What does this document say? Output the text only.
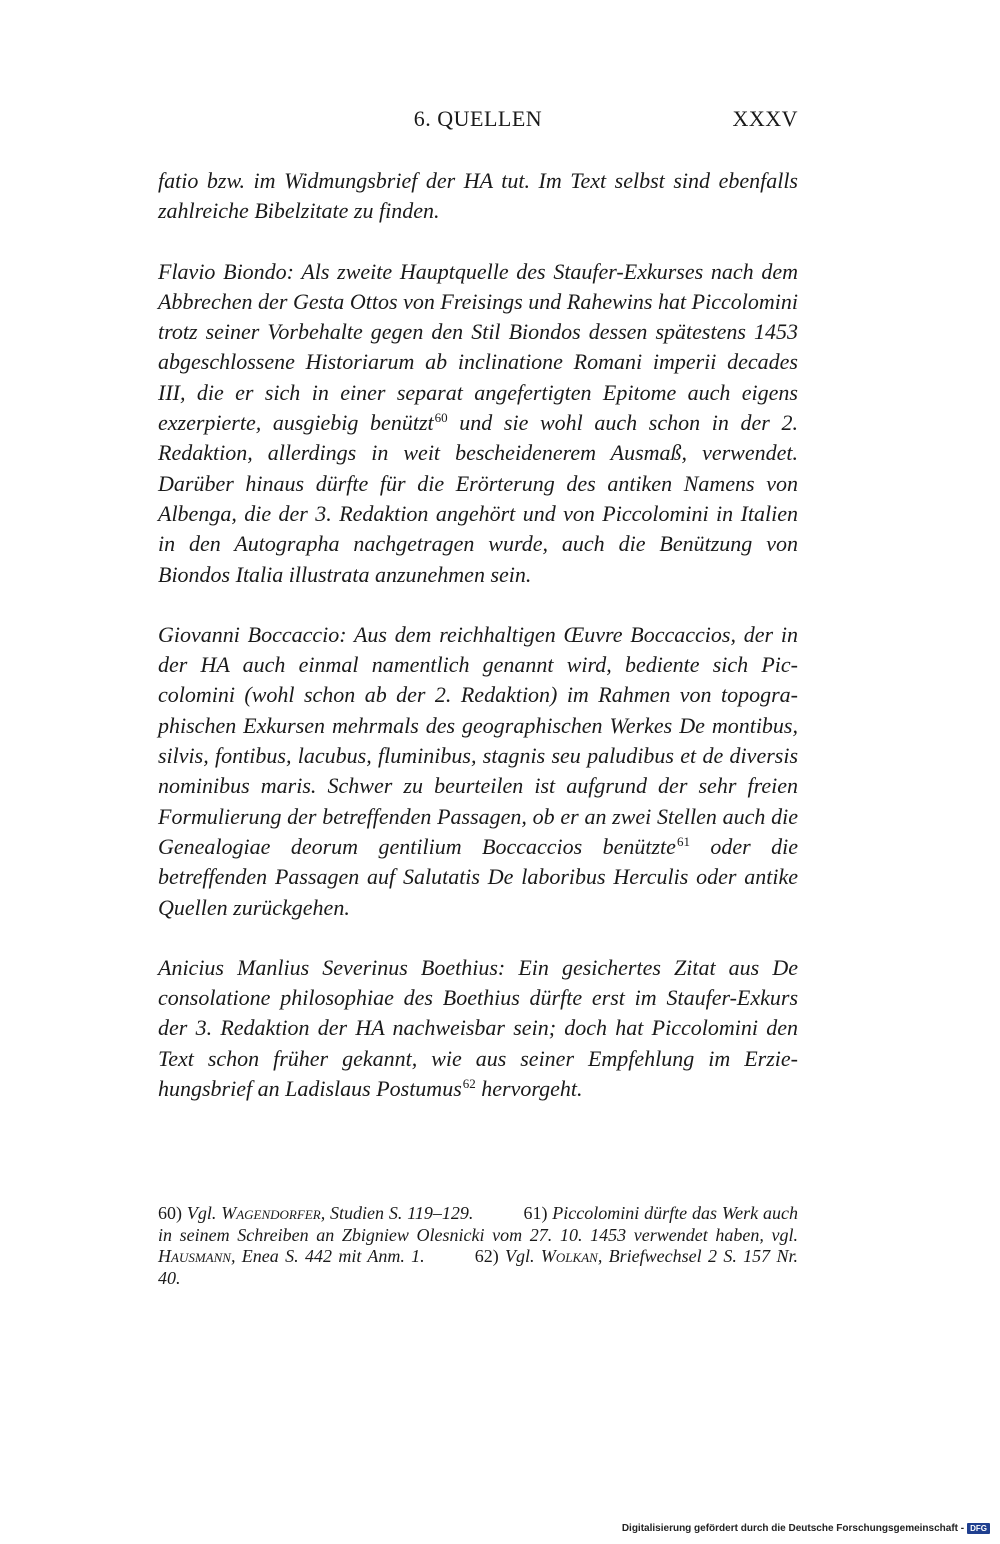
6. QUELLEN	XXXV

fatio bzw. im Widmungsbrief der HA tut. Im Text selbst sind ebenfalls zahlreiche Bibelzitate zu finden.

Flavio Biondo: Als zweite Hauptquelle des Staufer-Exkurses nach dem Abbrechen der Gesta Ottos von Freisings und Rahewins hat Piccolomini trotz seiner Vorbehalte gegen den Stil Biondos dessen spätestens 1453 abgeschlossene Historiarum ab inclinatione Romani imperii decades III, die er sich in einer separat angefertigten Epitome auch eigens exzerpierte, ausgiebig benützt$^{60}$ und sie wohl auch schon in der 2. Redaktion, allerdings in weit bescheidenerem Ausmaß, verwendet. Darüber hinaus dürfte für die Erörterung des antiken Namens von Albenga, die der 3. Redaktion angehört und von Piccolomini in Italien in den Autographa nachgetragen wurde, auch die Benützung von Biondos Italia illustrata anzunehmen sein.

Giovanni Boccaccio: Aus dem reichhaltigen Œuvre Boccaccios, der in der HA auch einmal namentlich genannt wird, bediente sich Piccolomini (wohl schon ab der 2. Redaktion) im Rahmen von topographischen Exkursen mehrmals des geographischen Werkes De montibus, silvis, fontibus, lacubus, fluminibus, stagnis seu paludibus et de diversis nominibus maris. Schwer zu beurteilen ist aufgrund der sehr freien Formulierung der betreffenden Passagen, ob er an zwei Stellen auch die Genealogiae deorum gentilium Boccaccios benützte$^{61}$ oder die betreffenden Passagen auf Salutatis De laboribus Herculis oder antike Quellen zurückgehen.

Anicius Manlius Severinus Boethius: Ein gesichertes Zitat aus De consolatione philosophiae des Boethius dürfte erst im Staufer-Exkurs der 3. Redaktion der HA nachweisbar sein; doch hat Piccolomini den Text schon früher gekannt, wie aus seiner Empfehlung im Erziehungsbrief an Ladislaus Postumus$^{62}$ hervorgeht.

60) Vgl. Wagendorfer, Studien S. 119–129.	61) Piccolomini dürfte das Werk auch in seinem Schreiben an Zbigniew Olesnicki vom 27. 10. 1453 verwendet haben, vgl. Hausmann, Enea S. 442 mit Anm. 1.	62) Vgl. Wolkan, Briefwechsel 2 S. 157 Nr. 40.
Digitalisierung gefördert durch die Deutsche Forschungsgemeinschaft - DFG
